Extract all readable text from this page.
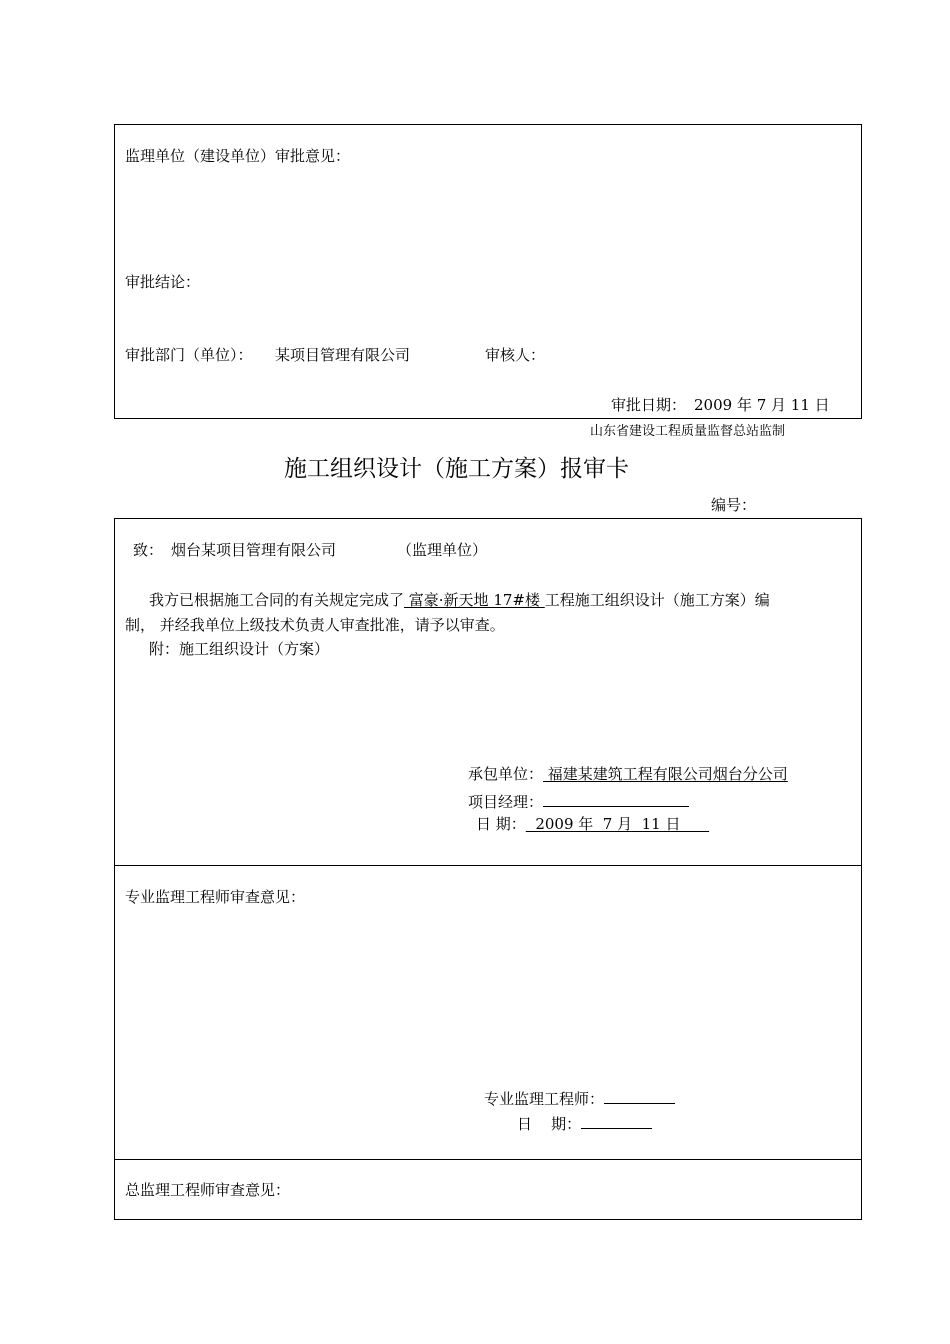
监理单位（建设单位）审批意见：
审批结论：
审批部门（单位）： 某项目管理有限公司	审核人：
审批日期： 2009 年 7 月 11 日
山东省建设工程质量监督总站监制
施工组织设计（施工方案）报审卡
编号：
致： 烟台某项目管理有限公司	（监理单位）
我方已根据施工合同的有关规定完成了 富豪·新天地 17#楼 工程施工组织设计（施工方案）编
制， 并经我单位上级技术负责人审查批准，请予以审查。
附：施工组织设计（方案）
承包单位： 福建某建筑工程有限公司烟台分公司
项目经理：
日 期：  2009 年  7 月  11 日
专业监理工程师审查意见：
专业监理工程师：
日    期：
总监理工程师审查意见：
